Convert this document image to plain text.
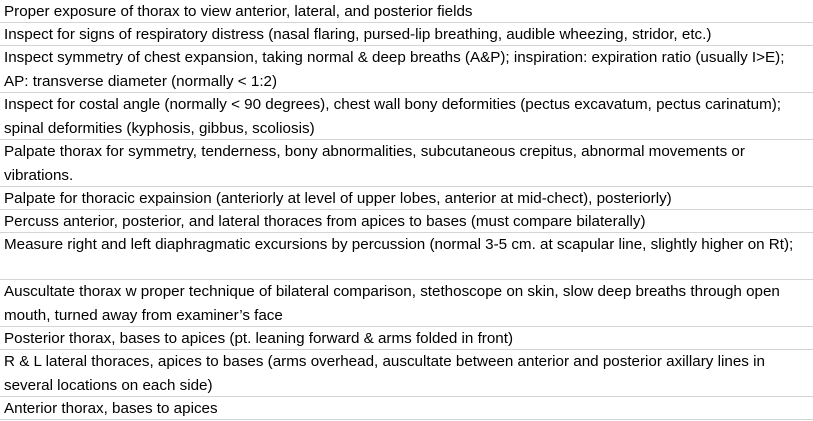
Proper exposure of thorax to view anterior, lateral, and posterior fields
Inspect for signs of respiratory distress (nasal flaring, pursed-lip breathing, audible wheezing, stridor, etc.)
Inspect symmetry of chest expansion, taking normal & deep breaths (A&P); inspiration: expiration ratio (usually I>E); AP: transverse diameter (normally < 1:2)
Inspect for costal angle (normally < 90 degrees), chest wall bony deformities (pectus excavatum, pectus carinatum); spinal deformities (kyphosis, gibbus, scoliosis)
Palpate thorax for symmetry, tenderness, bony abnormalities, subcutaneous crepitus, abnormal movements or vibrations.
Palpate for thoracic expainsion (anteriorly at level of upper lobes, anterior at mid-chect), posteriorly)
Percuss anterior, posterior, and lateral thoraces from apices to bases (must compare bilaterally)
Measure right and left diaphragmatic excursions by percussion (normal 3-5 cm. at scapular line, slightly higher on Rt);
Auscultate thorax w proper technique of bilateral comparison, stethoscope on skin, slow deep breaths through open mouth, turned away from examiner’s face
Posterior thorax, bases to apices (pt. leaning forward & arms folded in front)
R & L lateral thoraces, apices to bases (arms overhead, auscultate between anterior and posterior axillary lines in several locations on each side)
Anterior thorax, bases to apices
